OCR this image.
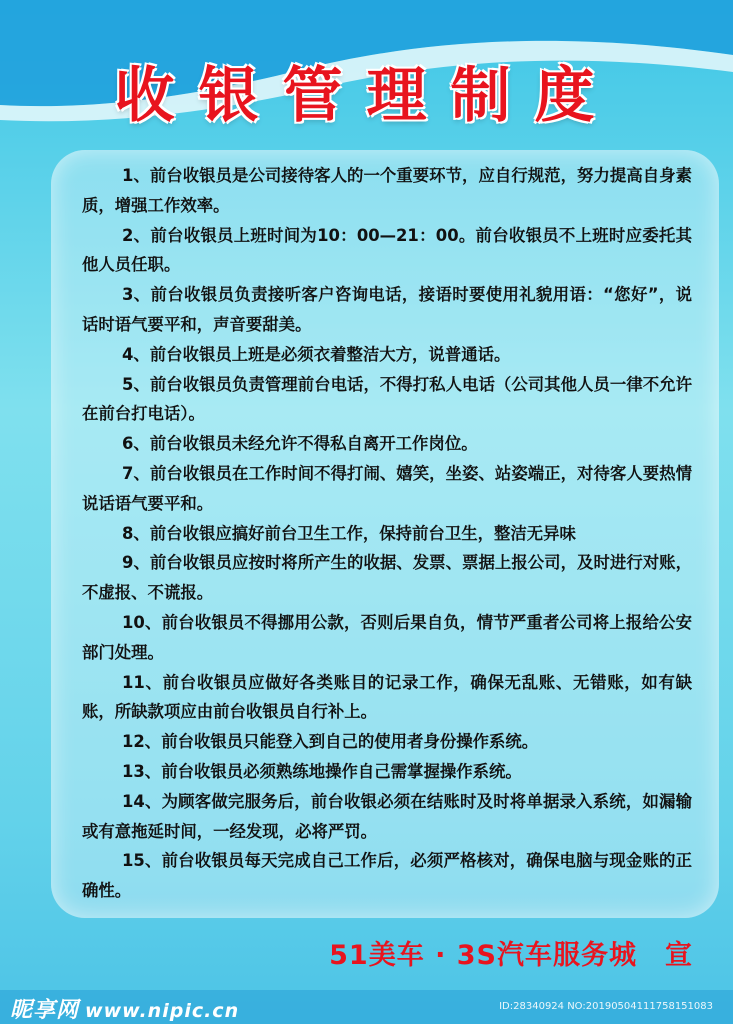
收银管理制度

1、前台收银员是公司接待客人的一个重要环节，应自行规范，努力提高自身素质，增强工作效率。

2、前台收银员上班时间为10：00—21：00。前台收银员不上班时应委托其他人员任职。

3、前台收银员负责接听客户咨询电话，接语时要使用礼貌用语：“您好”，说话时语气要平和，声音要甜美。

4、前台收银员上班是必须衣着整洁大方，说普通话。

5、前台收银员负责管理前台电话，不得打私人电话（公司其他人员一律不允许在前台打电话）。

6、前台收银员未经允许不得私自离开工作岗位。

7、前台收银员在工作时间不得打闹、嬉笑，坐姿、站姿端正，对待客人要热情说话语气要平和。

8、前台收银应搞好前台卫生工作，保持前台卫生，整洁无异味

9、前台收银员应按时将所产生的收据、发票、票据上报公司，及时进行对账，不虚报、不谎报。

10、前台收银员不得挪用公款，否则后果自负，情节严重者公司将上报给公安部门处理。

11、前台收银员应做好各类账目的记录工作，确保无乱账、无错账，如有缺账，所缺款项应由前台收银员自行补上。

12、前台收银员只能登入到自己的使用者身份操作系统。

13、前台收银员必须熟练地操作自己需掌握操作系统。

14、为顾客做完服务后，前台收银必须在结账时及时将单据录入系统，如漏输或有意拖延时间，一经发现，必将严罚。

15、前台收银员每天完成自己工作后，必须严格核对，确保电脑与现金账的正确性。

51美车 · 3S汽车服务城　宣
昵享网 www.nipic.cn	ID:28340924 NO:20190504111758151083
